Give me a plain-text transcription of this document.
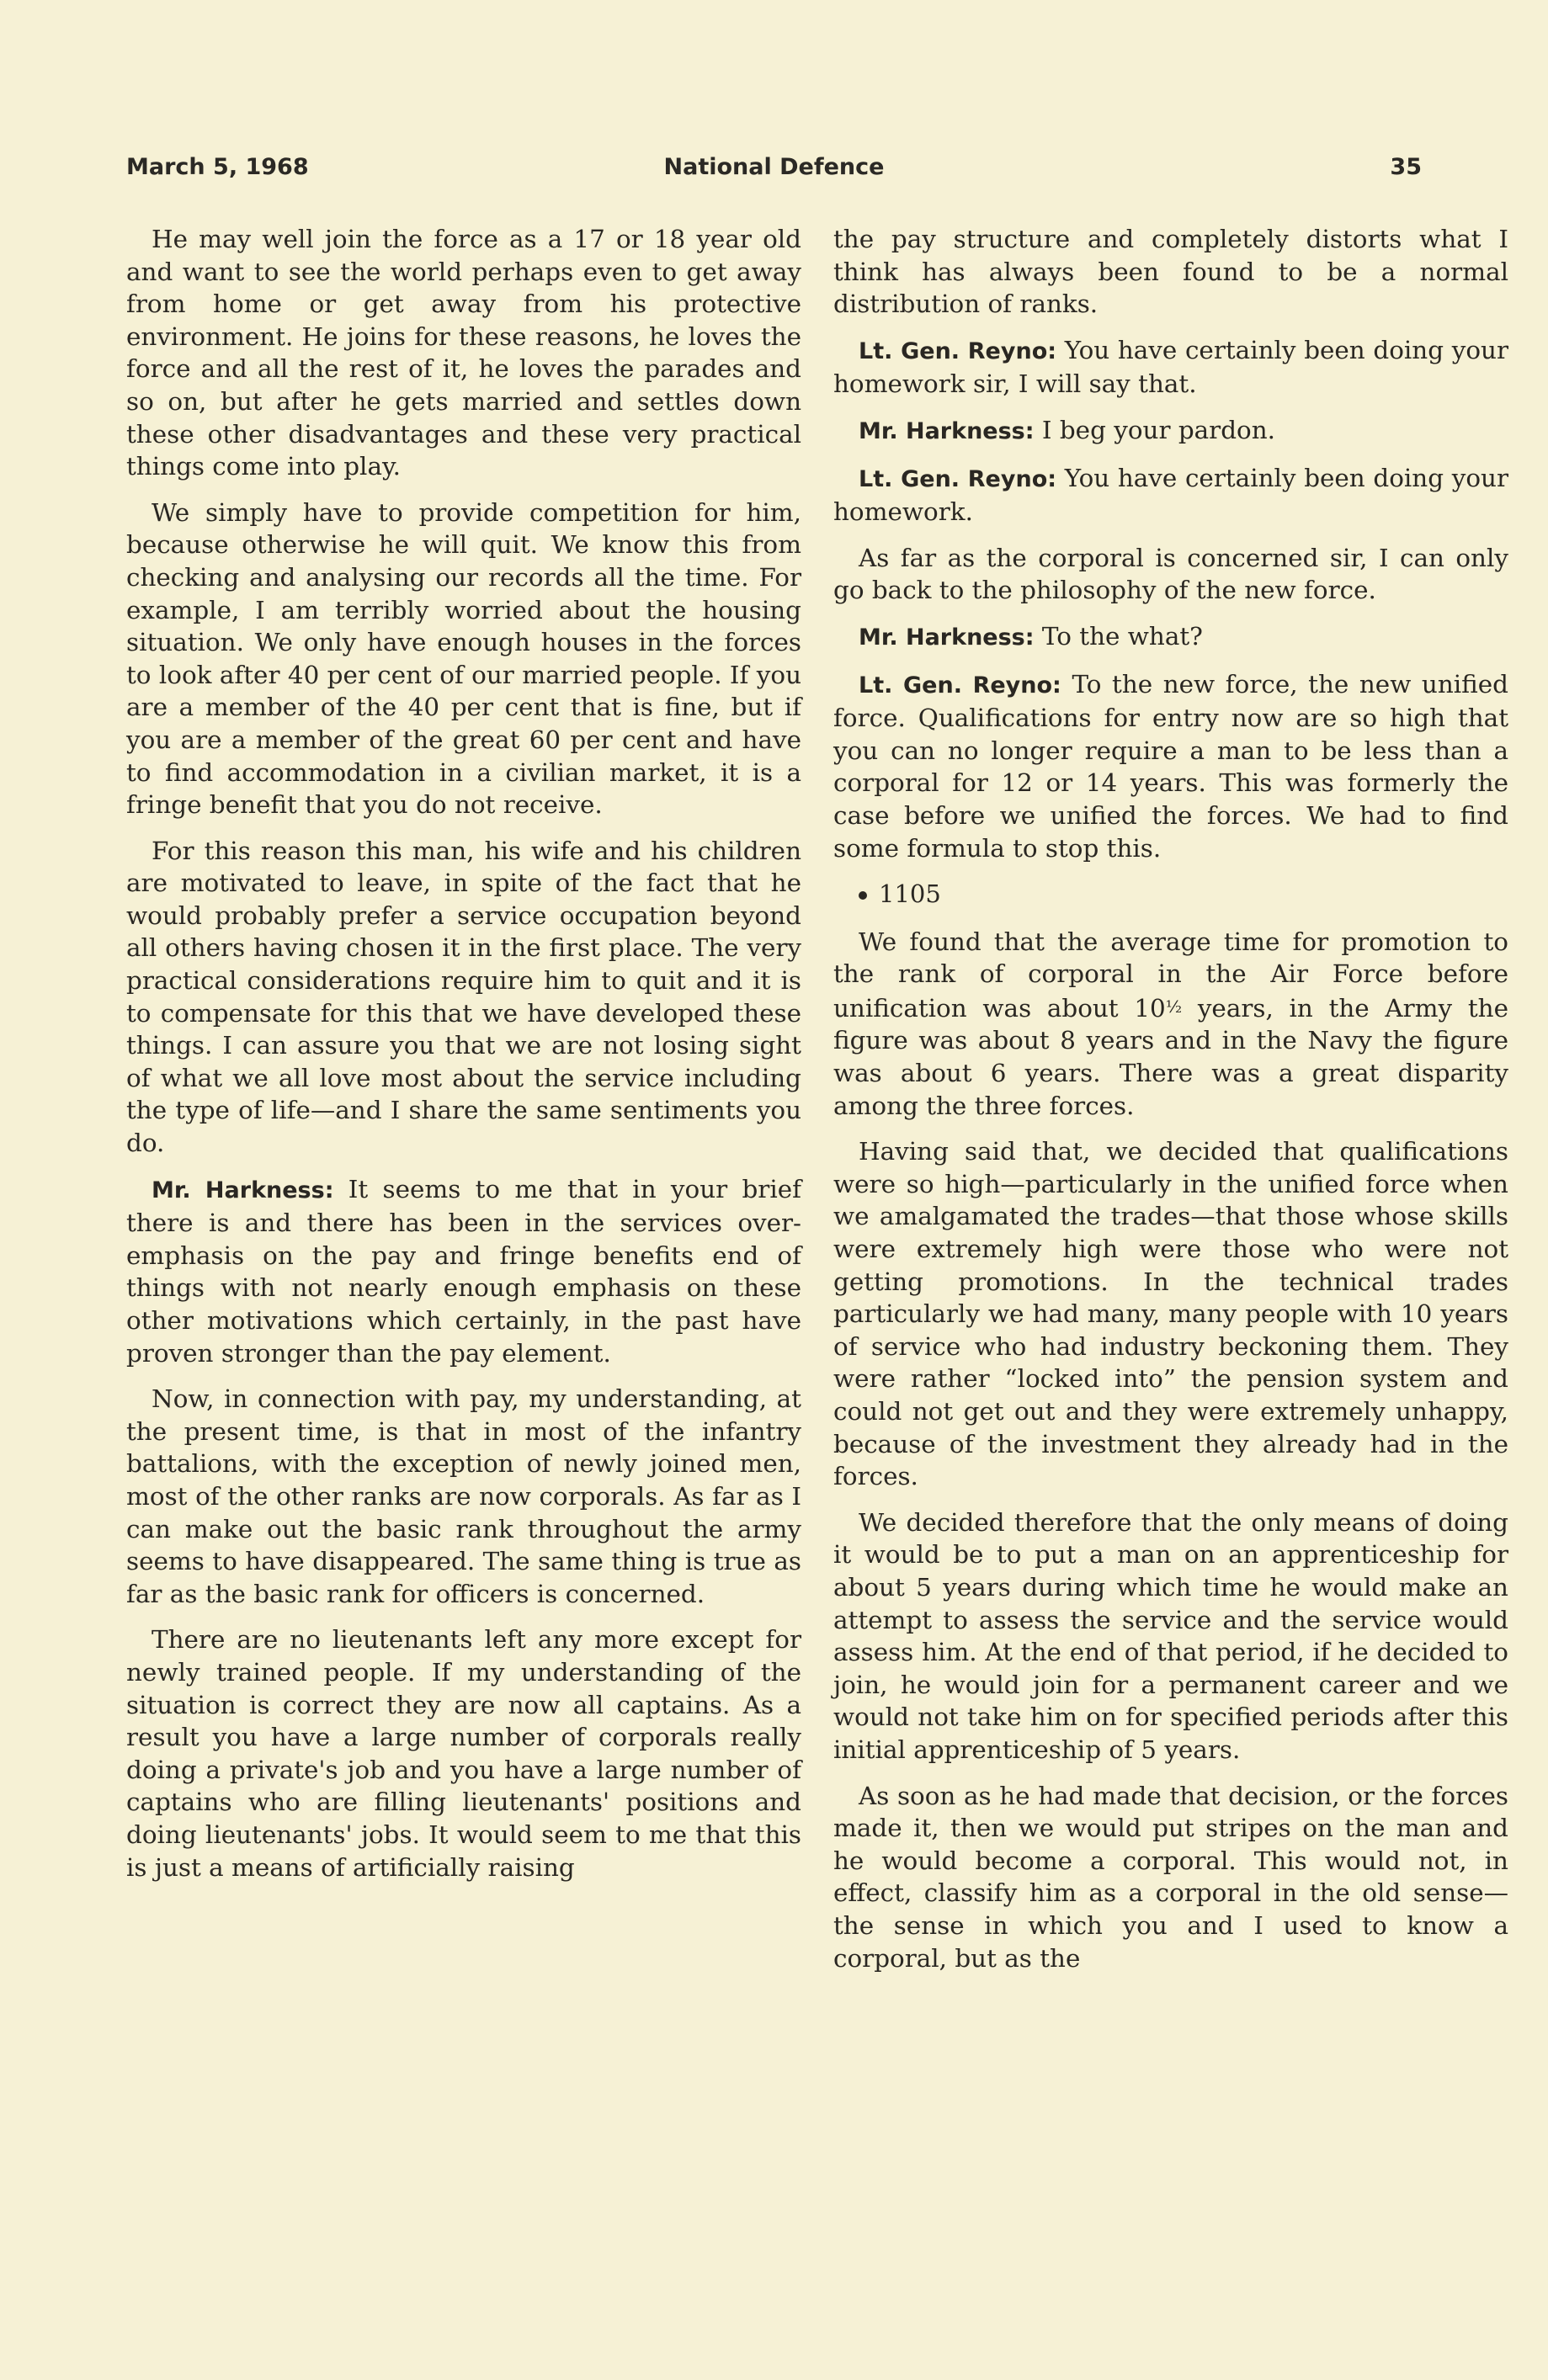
March 5, 1968	National Defence	35

He may well join the force as a 17 or 18 year old and want to see the world perhaps even to get away from home or get away from his protective environment. He joins for these reasons, he loves the force and all the rest of it, he loves the parades and so on, but after he gets married and settles down these other disadvantages and these very practical things come into play.

We simply have to provide competition for him, because otherwise he will quit. We know this from checking and analysing our records all the time. For example, I am terribly worried about the housing situation. We only have enough houses in the forces to look after 40 per cent of our married people. If you are a member of the 40 per cent that is fine, but if you are a member of the great 60 per cent and have to find accommodation in a civilian market, it is a fringe benefit that you do not receive.

For this reason this man, his wife and his children are motivated to leave, in spite of the fact that he would probably prefer a service occupation beyond all others having chosen it in the first place. The very practical considerations require him to quit and it is to compensate for this that we have developed these things. I can assure you that we are not losing sight of what we all love most about the service including the type of life—and I share the same sentiments you do.

Mr. Harkness: It seems to me that in your brief there is and there has been in the services over-emphasis on the pay and fringe benefits end of things with not nearly enough emphasis on these other motivations which certainly, in the past have proven stronger than the pay element.

Now, in connection with pay, my understanding, at the present time, is that in most of the infantry battalions, with the exception of newly joined men, most of the other ranks are now corporals. As far as I can make out the basic rank throughout the army seems to have disappeared. The same thing is true as far as the basic rank for officers is concerned.

There are no lieutenants left any more except for newly trained people. If my understanding of the situation is correct they are now all captains. As a result you have a large number of corporals really doing a private's job and you have a large number of captains who are filling lieutenants' positions and doing lieutenants' jobs. It would seem to me that this is just a means of artificially raising

the pay structure and completely distorts what I think has always been found to be a normal distribution of ranks.

Lt. Gen. Reyno: You have certainly been doing your homework sir, I will say that.

Mr. Harkness: I beg your pardon.

Lt. Gen. Reyno: You have certainly been doing your homework.

As far as the corporal is concerned sir, I can only go back to the philosophy of the new force.

Mr. Harkness: To the what?

Lt. Gen. Reyno: To the new force, the new unified force. Qualifications for entry now are so high that you can no longer require a man to be less than a corporal for 12 or 14 years. This was formerly the case before we unified the forces. We had to find some formula to stop this.

1105

We found that the average time for promotion to the rank of corporal in the Air Force before unification was about 10½ years, in the Army the figure was about 8 years and in the Navy the figure was about 6 years. There was a great disparity among the three forces.

Having said that, we decided that qualifications were so high—particularly in the unified force when we amalgamated the trades—that those whose skills were extremely high were those who were not getting promotions. In the technical trades particularly we had many, many people with 10 years of service who had industry beckoning them. They were rather “locked into” the pension system and could not get out and they were extremely unhappy, because of the investment they already had in the forces.

We decided therefore that the only means of doing it would be to put a man on an apprenticeship for about 5 years during which time he would make an attempt to assess the service and the service would assess him. At the end of that period, if he decided to join, he would join for a permanent career and we would not take him on for specified periods after this initial apprenticeship of 5 years.

As soon as he had made that decision, or the forces made it, then we would put stripes on the man and he would become a corporal. This would not, in effect, classify him as a corporal in the old sense—the sense in which you and I used to know a corporal, but as the
